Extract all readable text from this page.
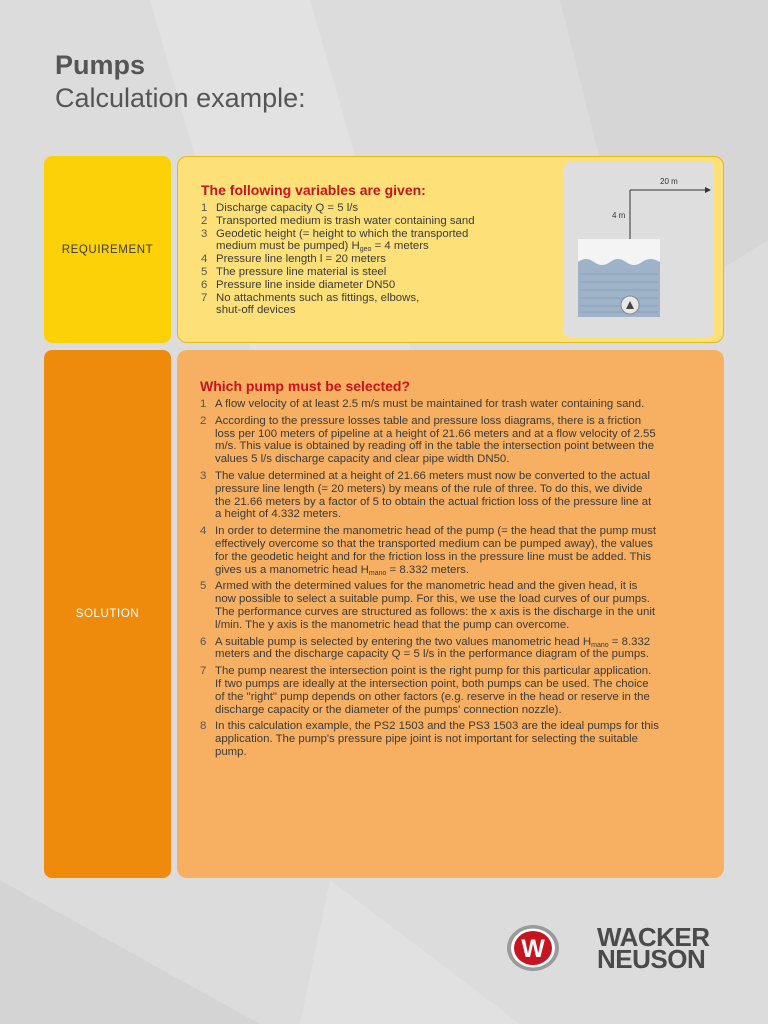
Pumps
Calculation example:
REQUIREMENT
The following variables are given:
1 Discharge capacity Q = 5 l/s
2 Transported medium is trash water containing sand
3 Geodetic height (= height to which the transported
medium must be pumped) $H_{geo} = 4$ meters
4 Pressure line length l = 20 meters
5 The pressure line material is steel
6 Pressure line inside diameter DN50
7 No attachments such as fittings, elbows,
shut-off devices
20 m
4 m
SOLUTION
Which pump must be selected?
1 A flow velocity of at least 2.5 m/s must be maintained for trash water containing sand.
2 According to the pressure losses table and pressure loss diagrams, there is a friction loss per 100 meters of pipeline at a height of 21.66 meters and at a flow velocity of 2.55 m/s. This value is obtained by reading off in the table the intersection point between the values 5 l/s discharge capacity and clear pipe width DN50.
3 The value determined at a height of 21.66 meters must now be converted to the actual pressure line length (= 20 meters) by means of the rule of three. To do this, we divide the 21.66 meters by a factor of 5 to obtain the actual friction loss of the pressure line at a height of 4.332 meters.
4 In order to determine the manometric head of the pump (= the head that the pump must effectively overcome so that the transported medium can be pumped away), the values for the geodetic height and for the friction loss in the pressure line must be added. This gives us a manometric head $H_{mano} = 8.332$ meters.
5 Armed with the determined values for the manometric head and the given head, it is now possible to select a suitable pump. For this, we use the load curves of our pumps. The performance curves are structured as follows: the x axis is the discharge in the unit l/min. The y axis is the manometric head that the pump can overcome.
6 A suitable pump is selected by entering the two values manometric head $H_{mano} = 8.332$ meters and the discharge capacity Q = 5 l/s in the performance diagram of the pumps.
7 The pump nearest the intersection point is the right pump for this particular application. If two pumps are ideally at the intersection point, both pumps can be used. The choice of the "right" pump depends on other factors (e.g. reserve in the head or reserve in the discharge capacity or the diameter of the pumps' connection nozzle).
8 In this calculation example, the PS2 1503 and the PS3 1503 are the ideal pumps for this application. The pump's pressure pipe joint is not important for selecting the suitable pump.
W WACKER
NEUSON
